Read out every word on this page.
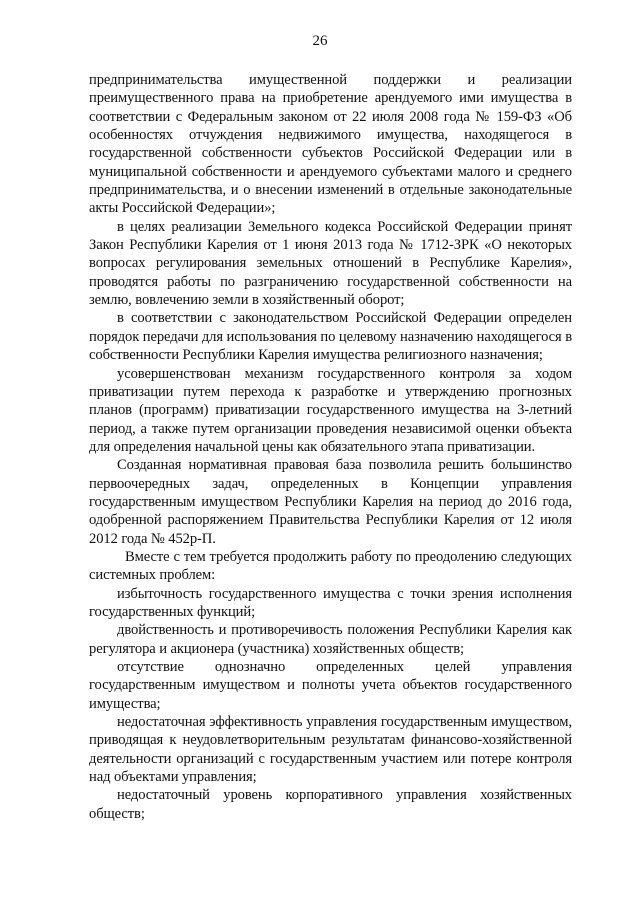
26

предпринимательства имущественной поддержки и реализации преимущественного права на приобретение арендуемого ими имущества в соответствии с Федеральным законом от 22 июля 2008 года № 159-ФЗ «Об особенностях отчуждения недвижимого имущества, находящегося в государственной собственности субъектов Российской Федерации или в муниципальной собственности и арендуемого субъектами малого и среднего предпринимательства, и о внесении изменений в отдельные законодательные акты Российской Федерации»;

в целях реализации Земельного кодекса Российской Федерации принят Закон Республики Карелия от 1 июня 2013 года № 1712-ЗРК «О некоторых вопросах регулирования земельных отношений в Республике Карелия», проводятся работы по разграничению государственной собственности на землю, вовлечению земли в хозяйственный оборот;

в соответствии с законодательством Российской Федерации определен порядок передачи для использования по целевому назначению находящегося в собственности Республики Карелия имущества религиозного назначения;

усовершенствован механизм государственного контроля за ходом приватизации путем перехода к разработке и утверждению прогнозных планов (программ) приватизации государственного имущества на 3-летний период, а также путем организации проведения независимой оценки объекта для определения начальной цены как обязательного этапа приватизации.

Созданная нормативная правовая база позволила решить большинство первоочередных задач, определенных в Концепции управления государственным имуществом Республики Карелия на период до 2016 года, одобренной распоряжением Правительства Республики Карелия от 12 июля 2012 года № 452р-П.

Вместе с тем требуется продолжить работу по преодолению следующих системных проблем:

избыточность государственного имущества с точки зрения исполнения государственных функций;

двойственность и противоречивость положения Республики Карелия как регулятора и акционера (участника) хозяйственных обществ;

отсутствие однозначно определенных целей управления государственным имуществом и полноты учета объектов государственного имущества;

недостаточная эффективность управления государственным имуществом, приводящая к неудовлетворительным результатам финансово-хозяйственной деятельности организаций с государственным участием или потере контроля над объектами управления;

недостаточный уровень корпоративного управления хозяйственных обществ;
